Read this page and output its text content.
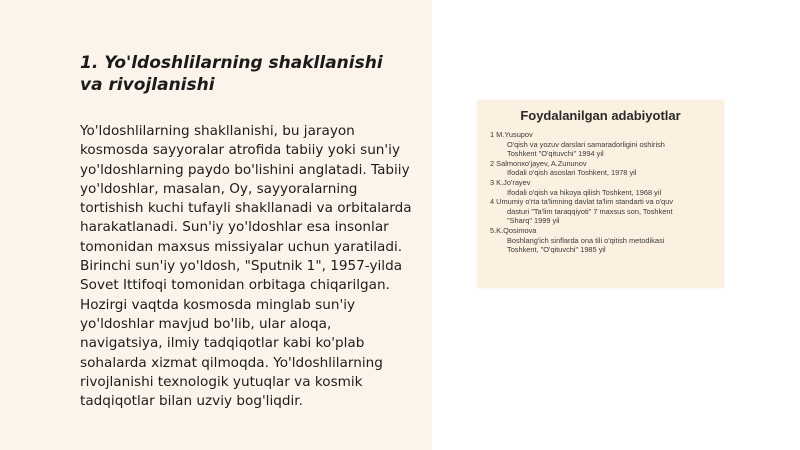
1. Yo'ldoshlilarning shakllanishi va rivojlanishi

Yo'ldoshlilarning shakllanishi, bu jarayon kosmosda sayyoralar atrofida tabiiy yoki sun'iy yo'ldoshlarning paydo bo'lishini anglatadi. Tabiiy yo'ldoshlar, masalan, Oy, sayyoralarning tortishish kuchi tufayli shakllanadi va orbitalarda harakatlanadi. Sun'iy yo'ldoshlar esa insonlar tomonidan maxsus missiyalar uchun yaratiladi. Birinchi sun'iy yo'ldosh, "Sputnik 1", 1957-yilda Sovet Ittifoqi tomonidan orbitaga chiqarilgan. Hozirgi vaqtda kosmosda minglab sun'iy yo'ldoshlar mavjud bo'lib, ular aloqa, navigatsiya, ilmiy tadqiqotlar kabi ko'plab sohalarda xizmat qilmoqda. Yo'ldoshlilarning rivojlanishi texnologik yutuqlar va kosmik tadqiqotlar bilan uzviy bog'liqdir.

Foydalanilgan adabiyotlar
1 M.Yusupov
O'qish va yozuv darslari samaradorligini oshirish
Toshkent "O'qituvchi" 1994 yil
2 Salmonxo'jayev, A.Zununov
Ifodali o'qish asoslari Toshkent, 1978 yil
3 K.Jo'rayev
Ifodali o'qish va hikoya qilish Toshkent, 1968 yil
4 Umumiy o'rta ta'limning davlat ta'lim standarti va o'quv
dasturi "Ta'lim taraqqiyoti" 7 maxsus son, Toshkent
"Sharq" 1999 yil
5.K.Qosimova
Boshlang'ich sinflarda ona tili o'qitish metodikasi
Toshkent, "O'qituvchi" 1985 yil
